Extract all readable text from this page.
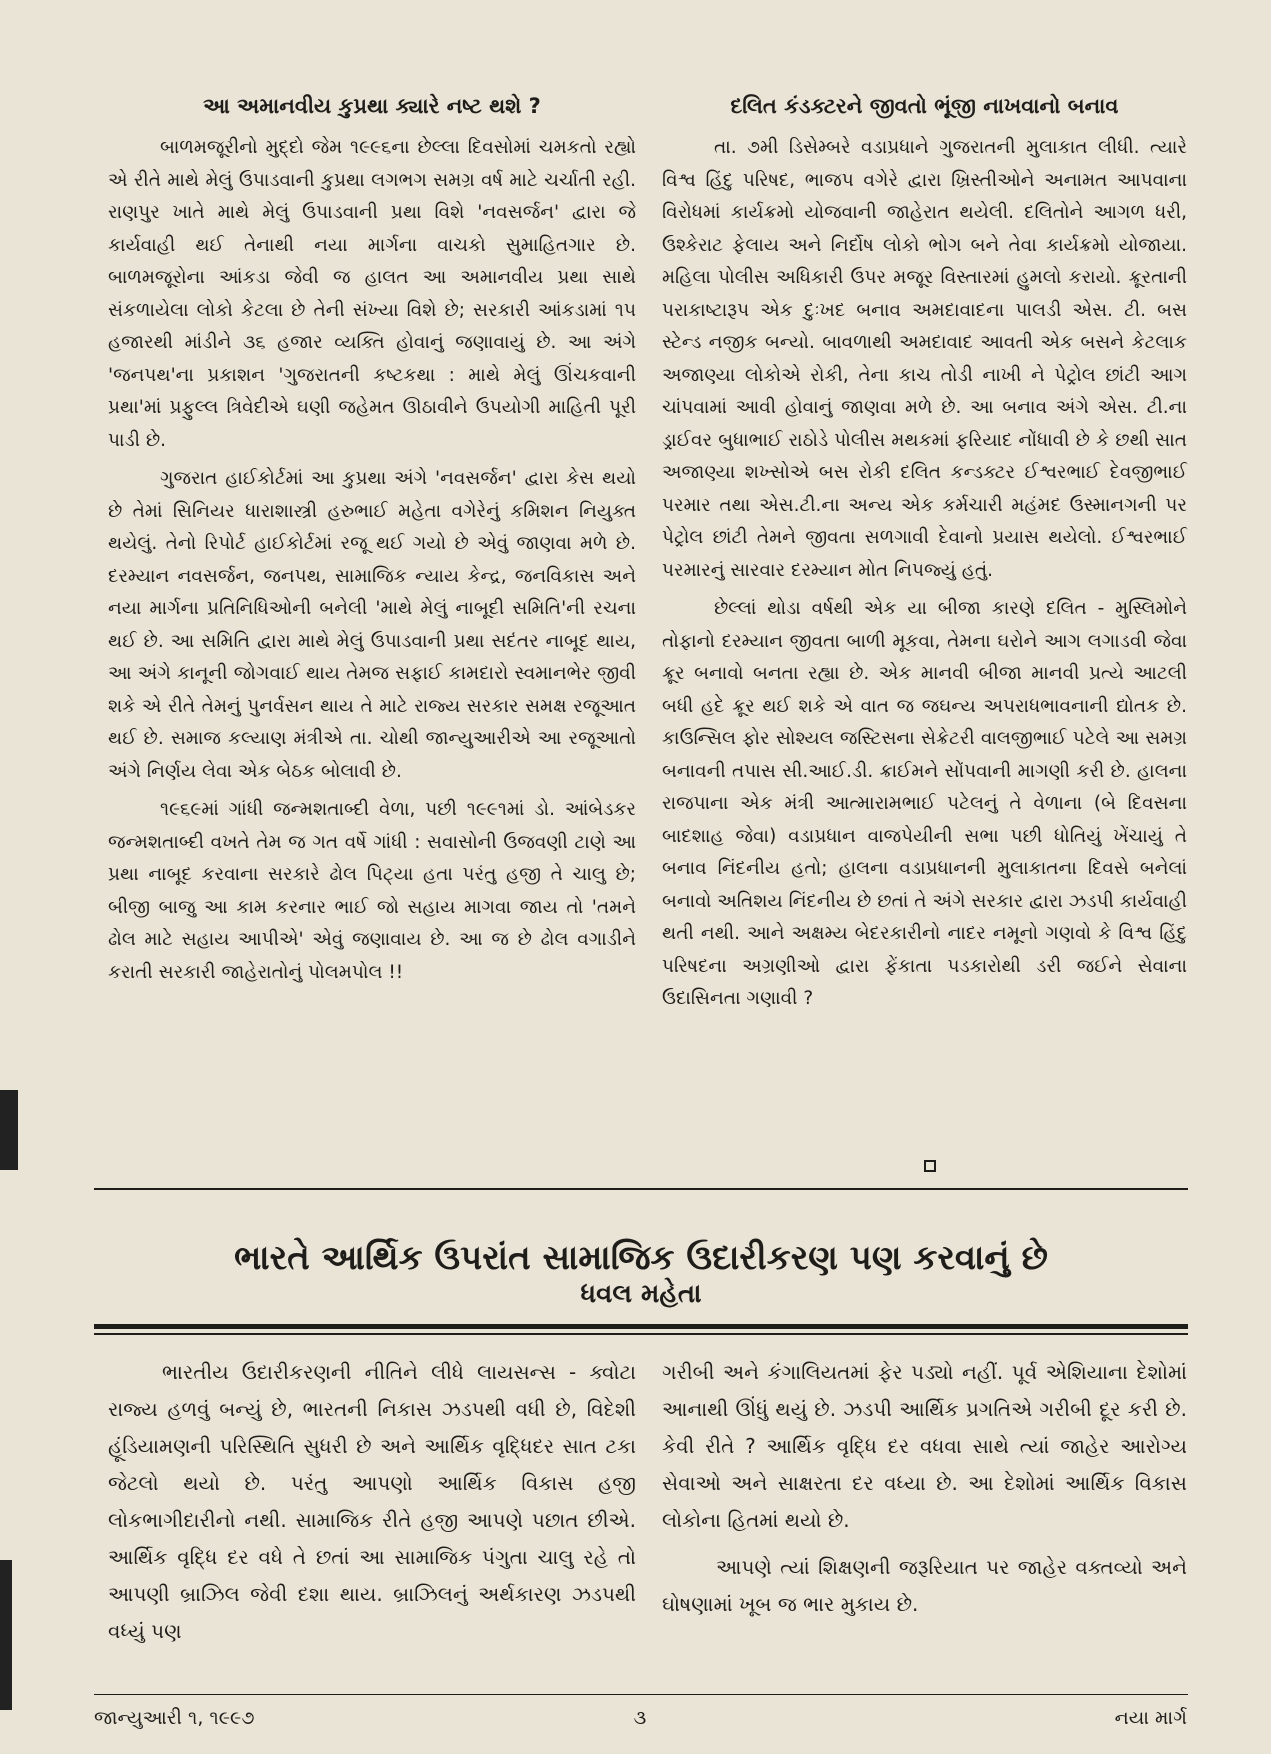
આ અમાનવીય કુપ્રથા ક્યારે નષ્ટ થશે ?

બાળમજૂરીનો મુદ્દો જેમ ૧૯૯૬ના છેલ્લા દિવસોમાં ચમકતો રહ્યો એ રીતે માથે મેલું ઉપાડવાની કુપ્રથા લગભગ સમગ્ર વર્ષ માટે ચર્ચાતી રહી. રાણપુર ખાતે માથે મેલું ઉપાડવાની પ્રથા વિશે 'નવસર્જન' દ્વારા જે કાર્યવાહી થઈ તેનાથી નયા માર્ગના વાચકો સુમાહિતગાર છે. બાળમજૂરોના આંકડા જેવી જ હાલત આ અમાનવીય પ્રથા સાથે સંકળાયેલા લોકો કેટલા છે તેની સંખ્યા વિશે છે; સરકારી આંકડામાં ૧૫ હજારથી માંડીને ૩૬ હજાર વ્યક્તિ હોવાનું જણાવાયું છે. આ અંગે 'જનપથ'ના પ્રકાશન 'ગુજરાતની કષ્ટકથા : માથે મેલું ઊંચકવાની પ્રથા'માં પ્રફુલ્લ ત્રિવેદીએ ઘણી જહેમત ઊઠાવીને ઉપયોગી માહિતી પૂરી પાડી છે.

ગુજરાત હાઈકોર્ટમાં આ કુપ્રથા અંગે 'નવસર્જન' દ્વારા કેસ થયો છે તેમાં સિનિયર ધારાશાસ્ત્રી હરુભાઈ મહેતા વગેરેનું કમિશન નિયુક્ત થયેલું. તેનો રિપોર્ટ હાઈકોર્ટમાં રજૂ થઈ ગયો છે એવું જાણવા મળે છે. દરમ્યાન નવસર્જન, જનપથ, સામાજિક ન્યાય કેન્દ્ર, જનવિકાસ અને નયા માર્ગના પ્રતિનિધિઓની બનેલી 'માથે મેલું નાબૂદી સમિતિ'ની રચના થઈ છે. આ સમિતિ દ્વારા માથે મેલું ઉપાડવાની પ્રથા સદંતર નાબૂદ થાય, આ અંગે કાનૂની જોગવાઈ થાય તેમજ સફાઈ કામદારો સ્વમાનભેર જીવી શકે એ રીતે તેમનું પુનર્વસન થાય તે માટે રાજ્ય સરકાર સમક્ષ રજૂઆત થઈ છે. સમાજ કલ્યાણ મંત્રીએ તા. ચોથી જાન્યુઆરીએ આ રજૂઆતો અંગે નિર્ણય લેવા એક બેઠક બોલાવી છે.

૧૯૬૯માં ગાંધી જન્મશતાબ્દી વેળા, પછી ૧૯૯૧માં ડો. આંબેડકર જન્મશતાબ્દી વખતે તેમ જ ગત વર્ષે ગાંધી : સવાસોની ઉજવણી ટાણે આ પ્રથા નાબૂદ કરવાના સરકારે ઢોલ પિટ્યા હતા પરંતુ હજી તે ચાલુ છે; બીજી બાજુ આ કામ કરનાર ભાઈ જો સહાય માગવા જાય તો 'તમને ઢોલ માટે સહાય આપીએ' એવું જણાવાય છે. આ જ છે ઢોલ વગાડીને કરાતી સરકારી જાહેરાતોનું પોલમપોલ !!

દલિત કંડક્ટરને જીવતો ભૂંજી નાખવાનો બનાવ

તા. ૭મી ડિસેમ્બરે વડાપ્રધાને ગુજરાતની મુલાકાત લીધી. ત્યારે વિશ્વ હિંદુ પરિષદ, ભાજપ વગેરે દ્વારા ખ્રિસ્તીઓને અનામત આપવાના વિરોધમાં કાર્યક્રમો યોજવાની જાહેરાત થયેલી. દલિતોને આગળ ધરી, ઉશ્કેરાટ ફેલાય અને નિર્દોષ લોકો ભોગ બને તેવા કાર્યક્રમો યોજાયા. મહિલા પોલીસ અધિકારી ઉપર મજૂર વિસ્તારમાં હુમલો કરાયો. ક્રૂરતાની પરાકાષ્ટારૂપ એક દુઃખદ બનાવ અમદાવાદના પાલડી એસ. ટી. બસ સ્ટેન્ડ નજીક બન્યો. બાવળાથી અમદાવાદ આવતી એક બસને કેટલાક અજાણ્યા લોકોએ રોકી, તેના કાચ તોડી નાખી ને પેટ્રોલ છાંટી આગ ચાંપવામાં આવી હોવાનું જાણવા મળે છે. આ બનાવ અંગે એસ. ટી.ના ડ્રાઈવર બુધાભાઈ રાઠોડે પોલીસ મથકમાં ફરિયાદ નોંધાવી છે કે છથી સાત અજાણ્યા શખ્સોએ બસ રોકી દલિત કન્ડક્ટર ઈશ્વરભાઈ દેવજીભાઈ પરમાર તથા એસ.ટી.ના અન્ય એક કર્મચારી મહંમદ ઉસ્માનગની પર પેટ્રોલ છાંટી તેમને જીવતા સળગાવી દેવાનો પ્રયાસ થયેલો. ઈશ્વરભાઈ પરમારનું સારવાર દરમ્યાન મોત નિપજ્યું હતું.

છેલ્લાં થોડા વર્ષથી એક યા બીજા કારણે દલિત - મુસ્લિમોને તોફાનો દરમ્યાન જીવતા બાળી મૂકવા, તેમના ઘરોને આગ લગાડવી જેવા ક્રૂર બનાવો બનતા રહ્યા છે. એક માનવી બીજા માનવી પ્રત્યે આટલી બધી હદે ક્રૂર થઈ શકે એ વાત જ જઘન્ય અપરાધભાવનાની દ્યોતક છે. કાઉન્સિલ ફોર સોશ્યલ જસ્ટિસના સેક્રેટરી વાલજીભાઈ પટેલે આ સમગ્ર બનાવની તપાસ સી.આઈ.ડી. ક્રાઈમને સોંપવાની માગણી કરી છે. હાલના રાજપાના એક મંત્રી આત્મારામભાઈ પટેલનું તે વેળાના (બે દિવસના બાદશાહ જેવા) વડાપ્રધાન વાજપેયીની સભા પછી ધોતિયું ખેંચાયું તે બનાવ નિંદનીય હતો; હાલના વડાપ્રધાનની મુલાકાતના દિવસે બનેલાં બનાવો અતિશય નિંદનીય છે છતાં તે અંગે સરકાર દ્વારા ઝડપી કાર્યવાહી થતી નથી. આને અક્ષમ્ય બેદરકારીનો નાદર નમૂનો ગણવો કે વિશ્વ હિંદુ પરિષદના અગ્રણીઓ દ્વારા ફેંકાતા પડકારોથી ડરી જઈને સેવાના ઉદાસિનતા ગણાવી ?

ભારતે આર્થિક ઉપરાંત સામાજિક ઉદારીકરણ પણ કરવાનું છે
ધવલ મહેતા

ભારતીય ઉદારીકરણની નીતિને લીધે લાયસન્સ - ક્વોટા રાજ્ય હળવું બન્યું છે, ભારતની નિકાસ ઝડપથી વધી છે, વિદેશી હૂંડિયામણની પરિસ્થિતિ સુધરી છે અને આર્થિક વૃદ્ધિદર સાત ટકા જેટલો થયો છે. પરંતુ આપણો આર્થિક વિકાસ હજી લોકભાગીદારીનો નથી. સામાજિક રીતે હજી આપણે પછાત છીએ. આર્થિક વૃદ્ધિ દર વધે તે છતાં આ સામાજિક પંગુતા ચાલુ રહે તો આપણી બ્રાઝિલ જેવી દશા થાય. બ્રાઝિલનું અર્થકારણ ઝડપથી વધ્યું પણ

ગરીબી અને કંગાલિયતમાં ફેર પડ્યો નહીં. પૂર્વ એશિયાના દેશોમાં આનાથી ઊંધું થયું છે. ઝડપી આર્થિક પ્રગતિએ ગરીબી દૂર કરી છે. કેવી રીતે ? આર્થિક વૃદ્ધિ દર વધવા સાથે ત્યાં જાહેર આરોગ્ય સેવાઓ અને સાક્ષરતા દર વધ્યા છે. આ દેશોમાં આર્થિક વિકાસ લોકોના હિતમાં થયો છે.

આપણે ત્યાં શિક્ષણની જરૂરિયાત પર જાહેર વક્તવ્યો અને ઘોષણામાં ખૂબ જ ભાર મુકાય છે.

જાન્યુઆરી ૧, ૧૯૯૭	૩	નયા માર્ગ
